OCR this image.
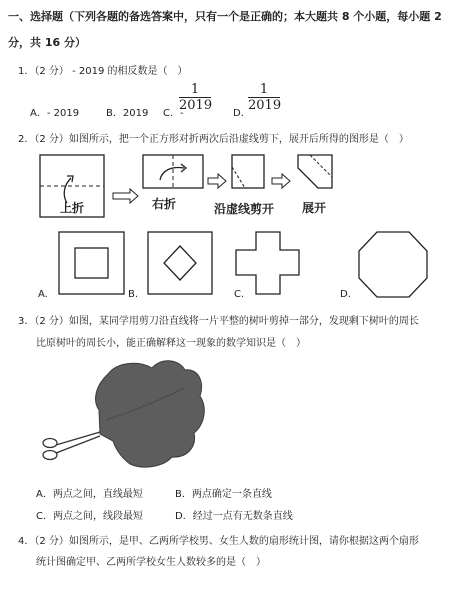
一、选择题（下列各题的备选答案中，只有一个是正确的；本大题共 8 个小题，每小题 2
分，共 16 分）
1．（2 分） - 2019 的相反数是（　）
A．- 2019	B．2019 C．-
1
2019
D．
1
2019
2．（2 分）如图所示，把一个正方形对折两次后沿虚线剪下，展开后所得的图形是（　）
上折	右折	沿虚线剪开 展开
A.	B.	C.	D.
3．（2 分）如图，某同学用剪刀沿直线将一片平整的树叶剪掉一部分，发现剩下树叶的周长
比原树叶的周长小，能正确解释这一现象的数学知识是（　）
A．两点之间，直线最短	B．两点确定一条直线
C．两点之间，线段最短	D．经过一点有无数条直线
4．（2 分）如图所示，是甲、乙两所学校男、女生人数的扇形统计图，请你根据这两个扇形
统计图确定甲、乙两所学校女生人数较多的是（　）
